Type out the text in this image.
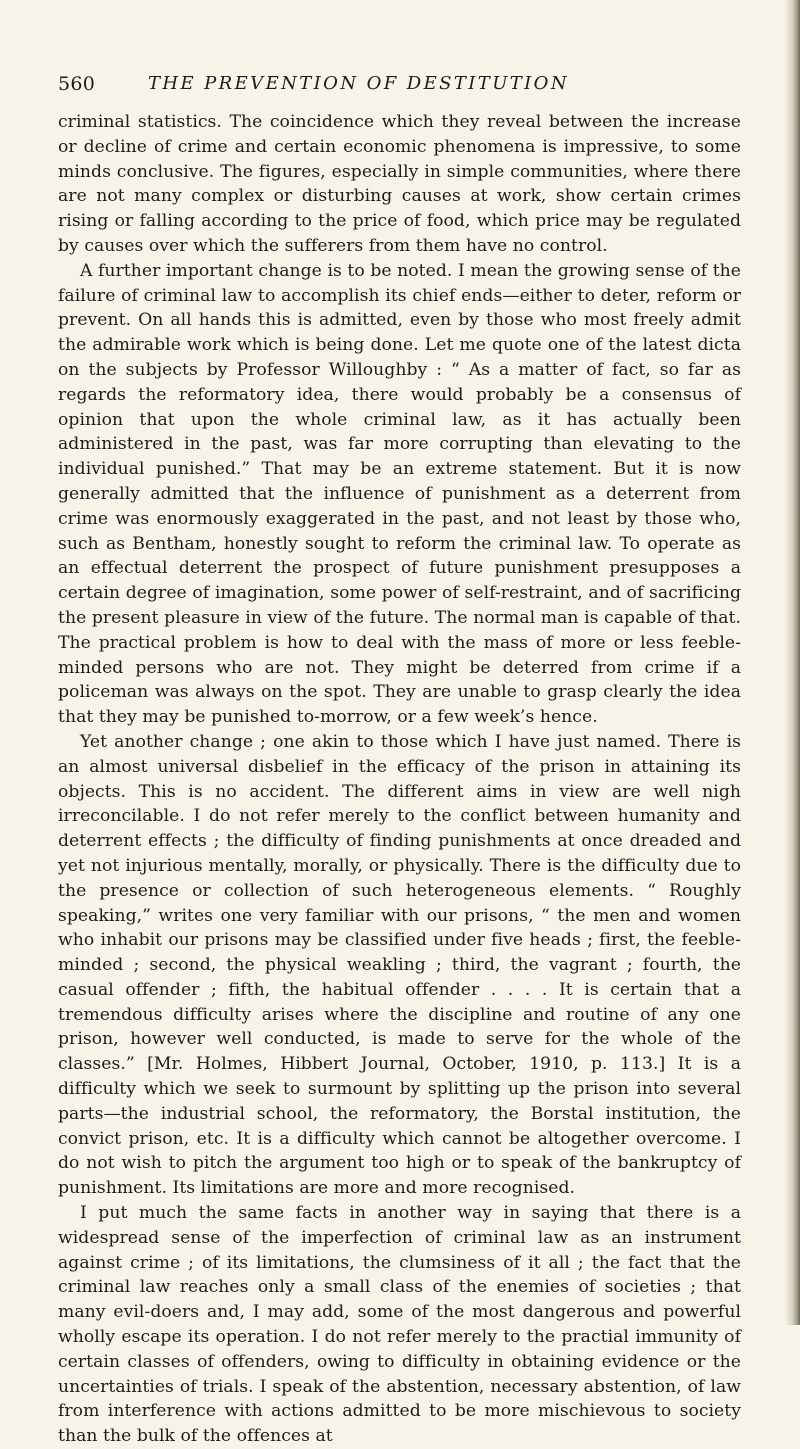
560	THE PREVENTION OF DESTITUTION

criminal statistics. The coincidence which they reveal between the increase or decline of crime and certain economic phenomena is impressive, to some minds conclusive. The figures, especially in simple communities, where there are not many complex or disturbing causes at work, show certain crimes rising or falling according to the price of food, which price may be regulated by causes over which the sufferers from them have no control.

A further important change is to be noted. I mean the growing sense of the failure of criminal law to accomplish its chief ends—either to deter, reform or prevent. On all hands this is admitted, even by those who most freely admit the admirable work which is being done. Let me quote one of the latest dicta on the subjects by Professor Willoughby : “ As a matter of fact, so far as regards the reformatory idea, there would probably be a consensus of opinion that upon the whole criminal law, as it has actually been administered in the past, was far more corrupting than elevating to the individual punished.” That may be an extreme statement. But it is now generally admitted that the influence of punishment as a deterrent from crime was enormously exaggerated in the past, and not least by those who, such as Bentham, honestly sought to reform the criminal law. To operate as an effectual deterrent the prospect of future punishment presupposes a certain degree of imagination, some power of self-restraint, and of sacrificing the present pleasure in view of the future. The normal man is capable of that. The practical problem is how to deal with the mass of more or less feeble-minded persons who are not. They might be deterred from crime if a policeman was always on the spot. They are unable to grasp clearly the idea that they may be punished to-morrow, or a few week’s hence.

Yet another change ; one akin to those which I have just named. There is an almost universal disbelief in the efficacy of the prison in attaining its objects. This is no accident. The different aims in view are well nigh irreconcilable. I do not refer merely to the conflict between humanity and deterrent effects ; the difficulty of finding punishments at once dreaded and yet not injurious mentally, morally, or physically. There is the difficulty due to the presence or collection of such heterogeneous elements. “ Roughly speaking,” writes one very familiar with our prisons, “ the men and women who inhabit our prisons may be classified under five heads ; first, the feeble-minded ; second, the physical weakling ; third, the vagrant ; fourth, the casual offender ; fifth, the habitual offender . . . . It is certain that a tremendous difficulty arises where the discipline and routine of any one prison, however well conducted, is made to serve for the whole of the classes.” [Mr. Holmes, Hibbert Journal, October, 1910, p. 113.] It is a difficulty which we seek to surmount by splitting up the prison into several parts—the industrial school, the reformatory, the Borstal institution, the convict prison, etc. It is a difficulty which cannot be altogether overcome. I do not wish to pitch the argument too high or to speak of the bankruptcy of punishment. Its limitations are more and more recognised.

I put much the same facts in another way in saying that there is a widespread sense of the imperfection of criminal law as an instrument against crime ; of its limitations, the clumsiness of it all ; the fact that the criminal law reaches only a small class of the enemies of societies ; that many evil-doers and, I may add, some of the most dangerous and powerful wholly escape its operation. I do not refer merely to the practial immunity of certain classes of offenders, owing to difficulty in obtaining evidence or the uncertainties of trials. I speak of the abstention, necessary abstention, of law from interference with actions admitted to be more mischievous to society than the bulk of the offences at
